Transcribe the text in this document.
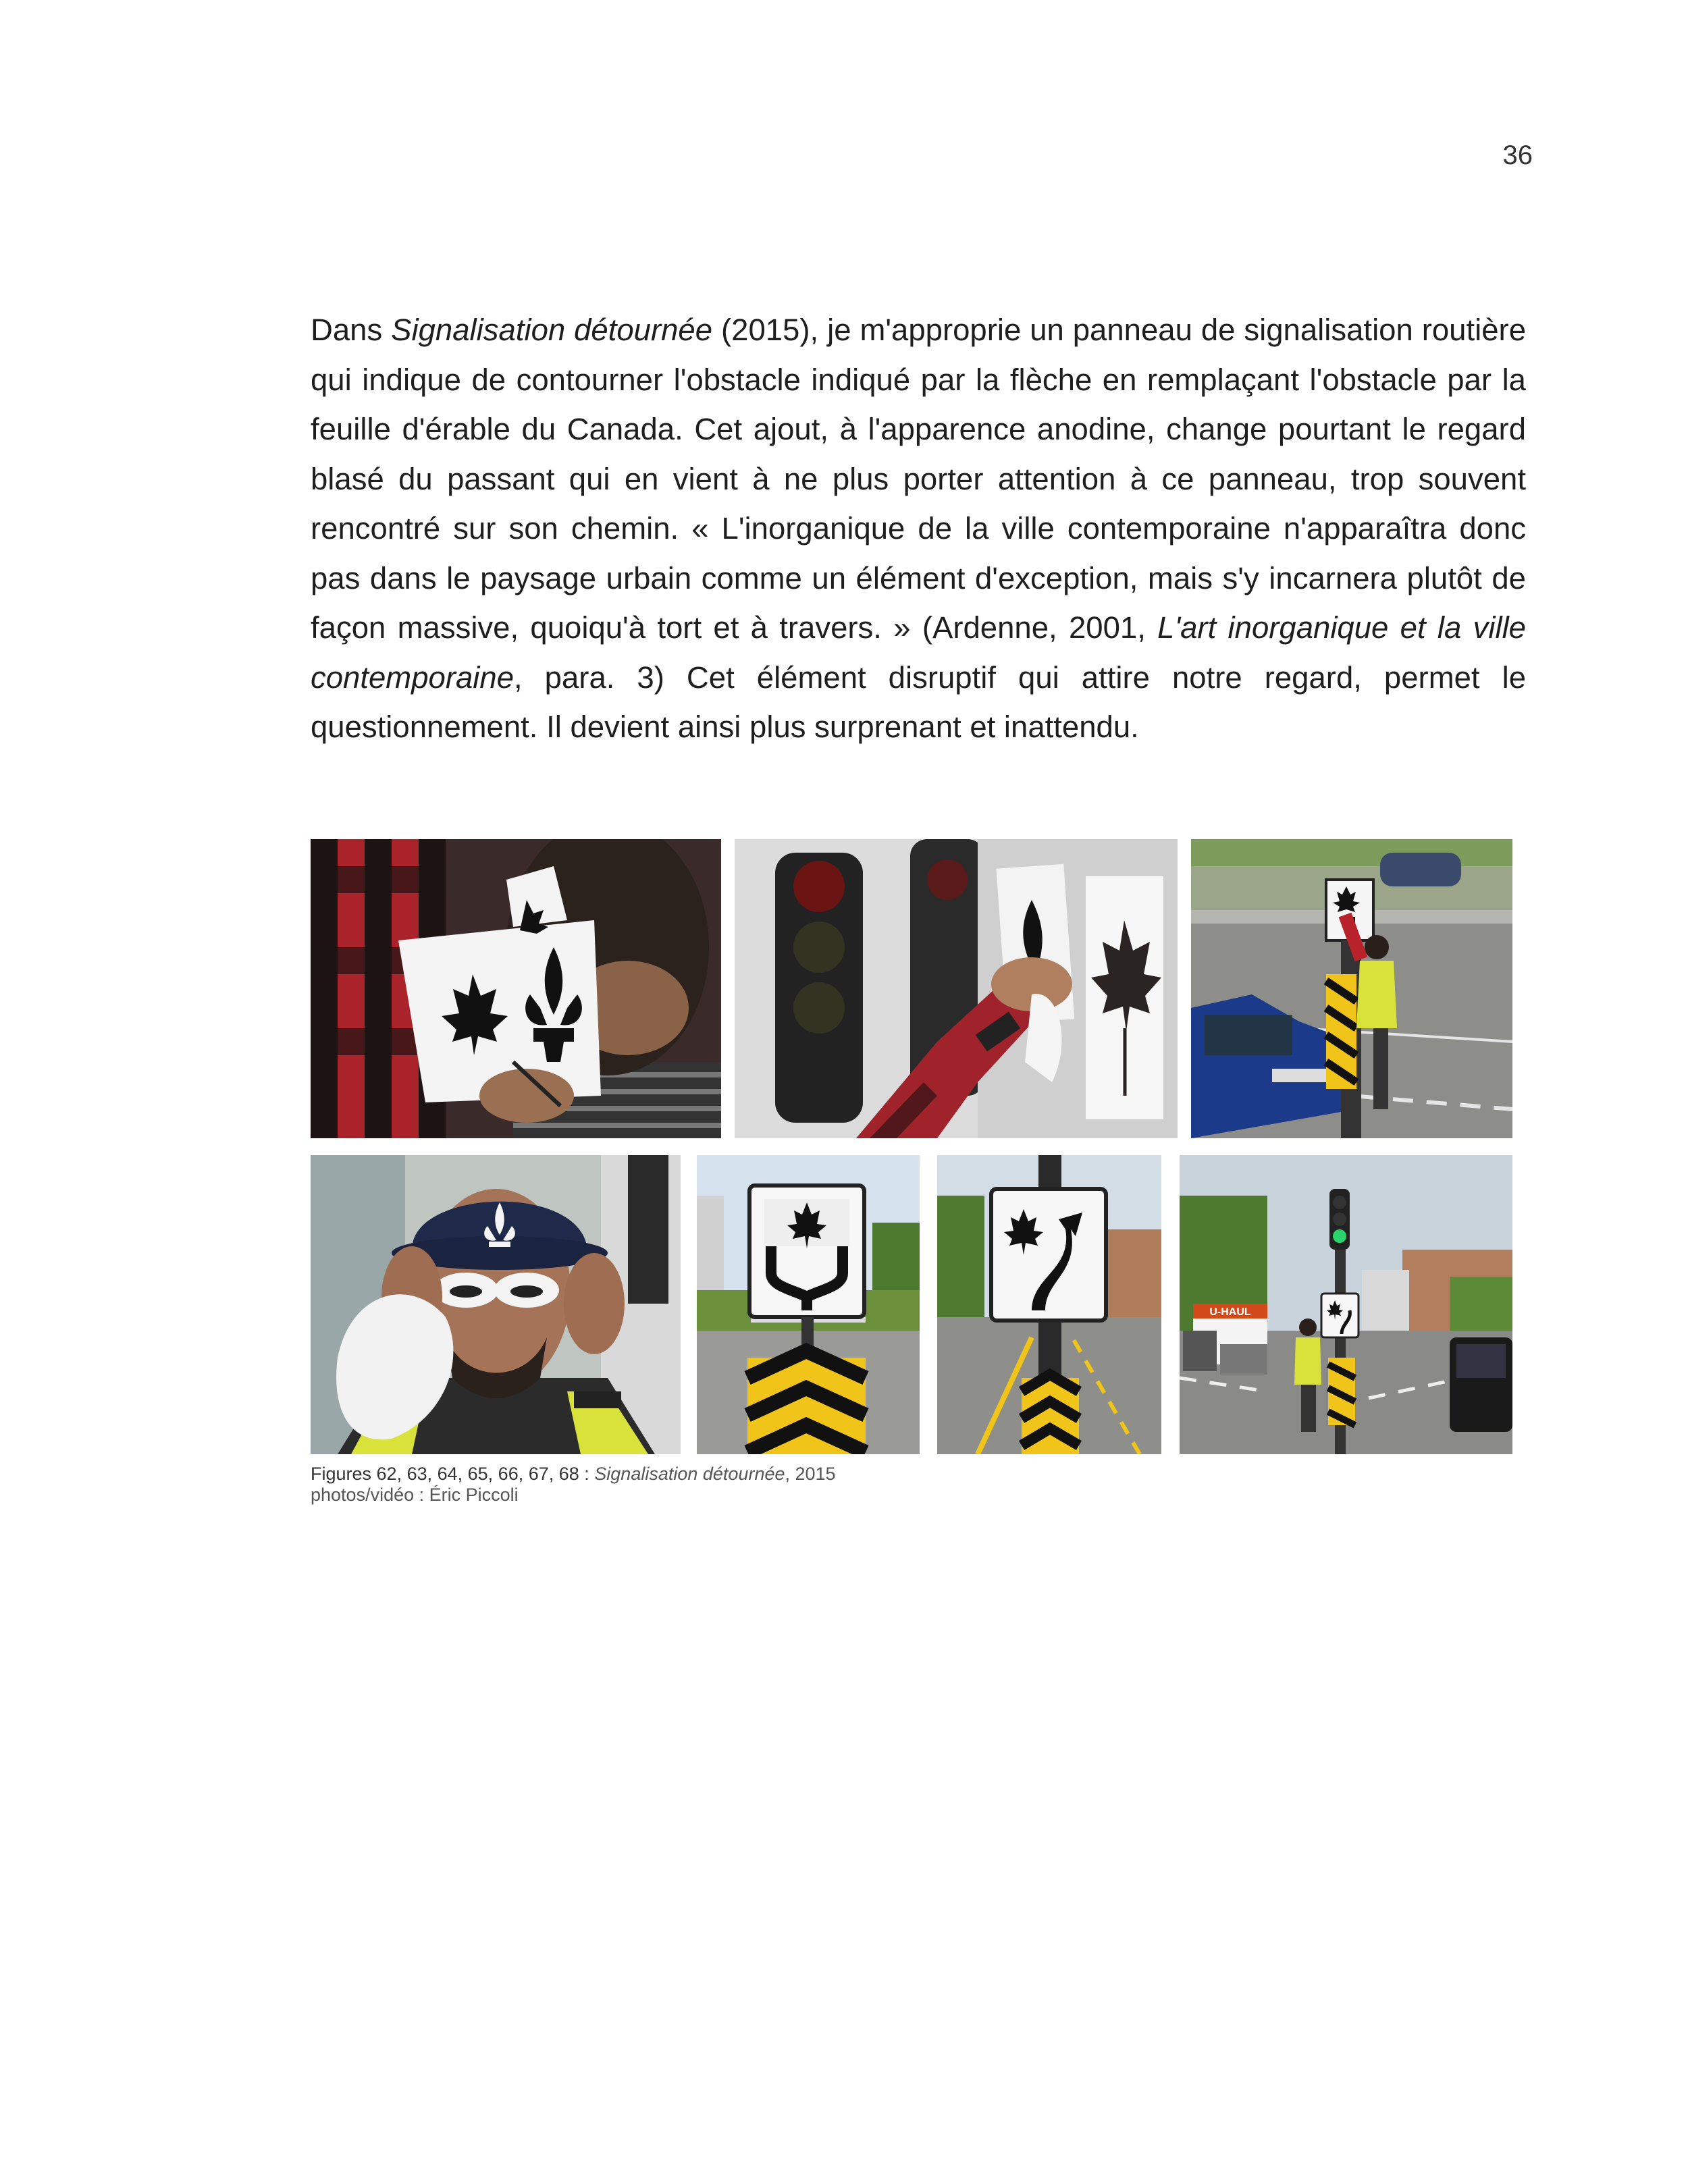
36
Dans Signalisation détournée (2015), je m'approprie un panneau de signalisation routière qui indique de contourner l'obstacle indiqué par la flèche en remplaçant l'obstacle par la feuille d'érable du Canada. Cet ajout, à l'apparence anodine, change pourtant le regard blasé du passant qui en vient à ne plus porter attention à ce panneau, trop souvent rencontré sur son chemin. « L'inorganique de la ville contemporaine n'apparaîtra donc pas dans le paysage urbain comme un élément d'exception, mais s'y incarnera plutôt de façon massive, quoiqu'à tort et à travers. » (Ardenne, 2001, L'art inorganique et la ville contemporaine, para. 3) Cet élément disruptif qui attire notre regard, permet le questionnement. Il devient ainsi plus surprenant et inattendu.
U-HAUL
Figures 62, 63, 64, 65, 66, 67, 68 : Signalisation détournée, 2015
photos/vidéo : Éric Piccoli
